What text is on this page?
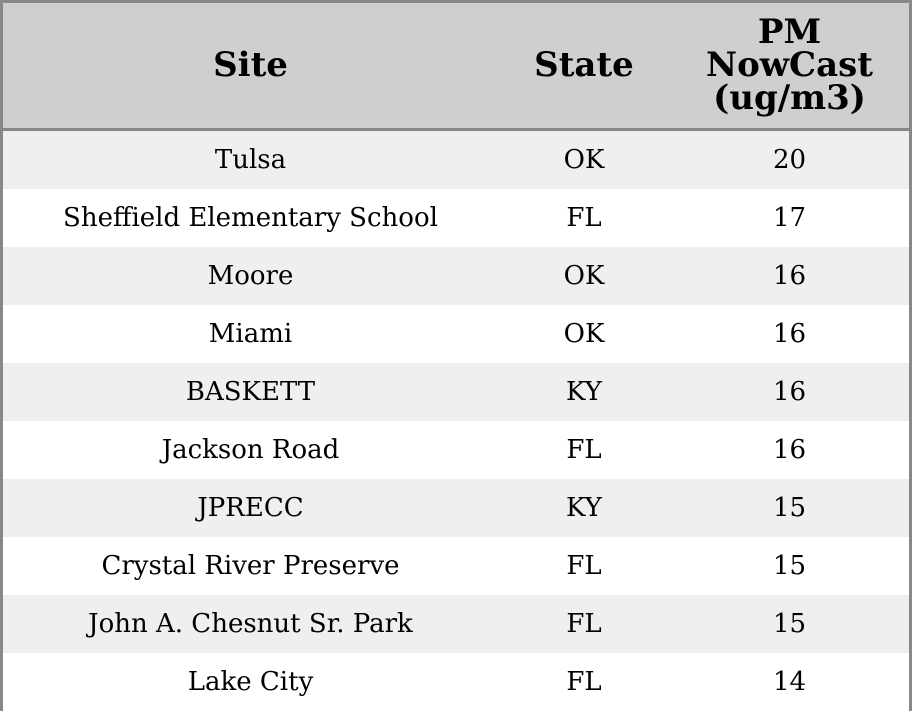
Site	State	PM
NowCast
(ug/m3)

Tulsa	OK	20
Sheffield Elementary School	FL	17
Moore	OK	16
Miami	OK	16
BASKETT	KY	16
Jackson Road	FL	16
JPRECC	KY	15
Crystal River Preserve	FL	15
John A. Chesnut Sr. Park	FL	15
Lake City	FL	14
